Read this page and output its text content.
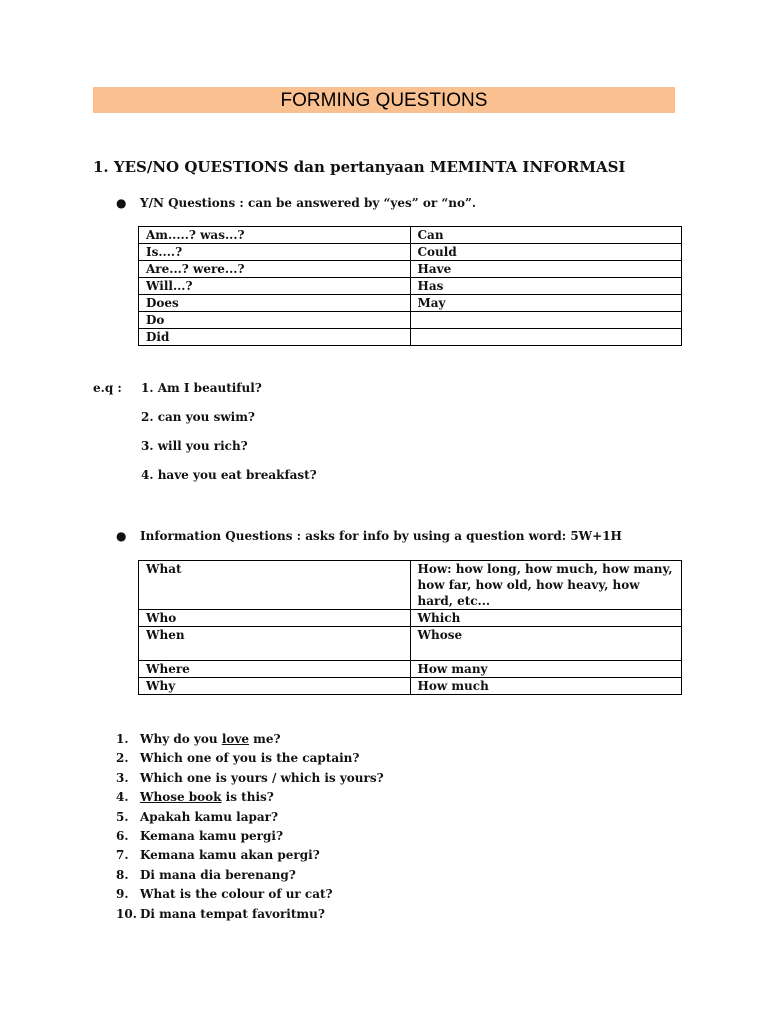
FORMING QUESTIONS
1. YES/NO QUESTIONS dan pertanyaan MEMINTA INFORMASI
● Y/N Questions : can be answered by “yes” or “no”.
Am.....? was...?	Can
Is....?	Could
Are...? were...?	Have
Will...?	Has
Does	May
Do	
Did	
e.q : 1. Am I beautiful?
2. can you swim?
3. will you rich?
4. have you eat breakfast?
● Information Questions : asks for info by using a question word: 5W+1H
What	How: how long, how much, how many, how far, how old, how heavy, how hard, etc...
Who	Which
When	Whose
Where	How many
Why	How much
1. Why do you love me?
2. Which one of you is the captain?
3. Which one is yours / which is yours?
4. Whose book is this?
5. Apakah kamu lapar?
6. Kemana kamu pergi?
7. Kemana kamu akan pergi?
8. Di mana dia berenang?
9. What is the colour of ur cat?
10. Di mana tempat favoritmu?
